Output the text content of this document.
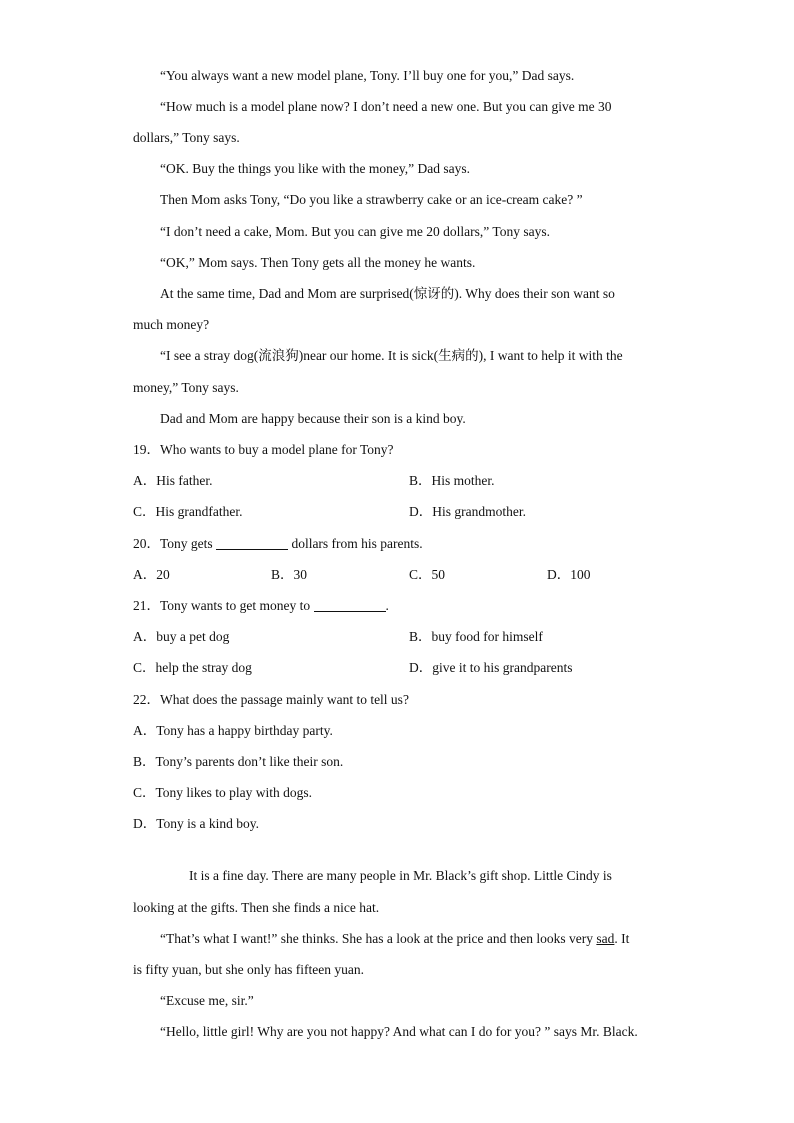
“You always want a new model plane, Tony. I’ll buy one for you,” Dad says.
“How much is a model plane now? I don’t need a new one. But you can give me 30
dollars,” Tony says.
“OK. Buy the things you like with the money,” Dad says.
Then Mom asks Tony, “Do you like a strawberry cake or an ice-cream cake? ”
“I don’t need a cake, Mom. But you can give me 20 dollars,” Tony says.
“OK,” Mom says. Then Tony gets all the money he wants.
At the same time, Dad and Mom are surprised(惊讶的). Why does their son want so
much money?
“I see a stray dog(流浪狗)near our home. It is sick(生病的), I want to help it with the
money,” Tony says.
Dad and Mom are happy because their son is a kind boy.
19．Who wants to buy a model plane for Tony?
A．His father.	B．His mother.
C．His grandfather.	D．His grandmother.
20．Tony gets	dollars from his parents.
A．20	B．30	C．50	D．100
21．Tony wants to get money to	.
A．buy a pet dog	B．buy food for himself
C．help the stray dog	D．give it to his grandparents
22．What does the passage mainly want to tell us?
A．Tony has a happy birthday party.
B．Tony’s parents don’t like their son.
C．Tony likes to play with dogs.
D．Tony is a kind boy.
It is a fine day. There are many people in Mr. Black’s gift shop. Little Cindy is
looking at the gifts. Then she finds a nice hat.
“That’s what I want!” she thinks. She has a look at the price and then looks very sad. It
is fifty yuan, but she only has fifteen yuan.
“Excuse me, sir.”
“Hello, little girl! Why are you not happy? And what can I do for you? ” says Mr. Black.
